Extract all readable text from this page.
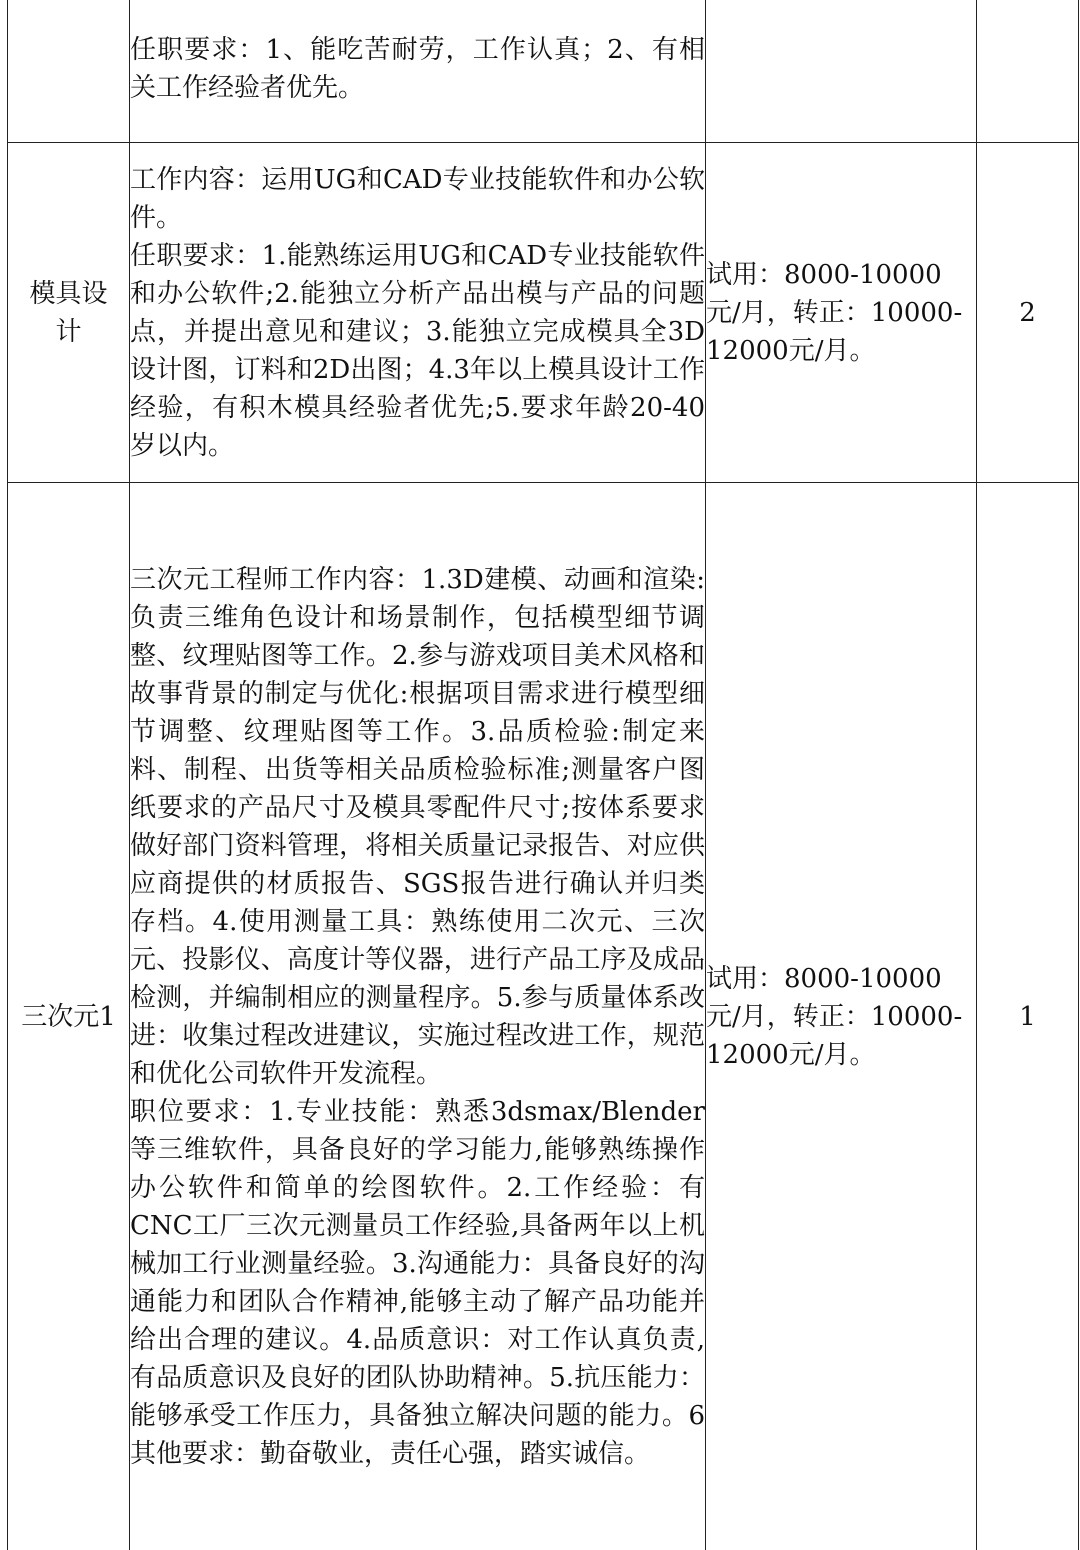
	任职要求：1、能吃苦耐劳，工作认真；2、有相关工作经验者优先。		

模具设计	工作内容：运用UG和CAD专业技能软件和办公软件。

任职要求：1.能熟练运用UG和CAD专业技能软件和办公软件;2.能独立分析产品出模与产品的问题点，并提出意见和建议；3.能独立完成模具全3D设计图，订料和2D出图；4.3年以上模具设计工作经验，有积木模具经验者优先;5.要求年龄20-40岁以内。	试用：8000-10000元/月，转正：10000-12000元/月。	2

三次元1	三次元工程师工作内容：1.3D建模、动画和渲染:负责三维角色设计和场景制作，包括模型细节调整、纹理贴图等工作。2.参与游戏项目美术风格和故事背景的制定与优化:根据项目需求进行模型细节调整、纹理贴图等工作。3.品质检验:制定来料、制程、出货等相关品质检验标准;测量客户图纸要求的产品尺寸及模具零配件尺寸;按体系要求做好部门资料管理，将相关质量记录报告、对应供应商提供的材质报告、SGS报告进行确认并归类存档。4.使用测量工具：熟练使用二次元、三次元、投影仪、高度计等仪器，进行产品工序及成品检测，并编制相应的测量程序。5.参与质量体系改进：收集过程改进建议，实施过程改进工作，规范和优化公司软件开发流程。

职位要求：1.专业技能：熟悉3dsmax/Blender等三维软件，具备良好的学习能力,能够熟练操作办公软件和简单的绘图软件。2.工作经验：有CNC工厂三次元测量员工作经验,具备两年以上机械加工行业测量经验。3.沟通能力：具备良好的沟通能力和团队合作精神,能够主动了解产品功能并给出合理的建议。4.品质意识：对工作认真负责,有品质意识及良好的团队协助精神。5.抗压能力：能够承受工作压力，具备独立解决问题的能力。6其他要求：勤奋敬业，责任心强，踏实诚信。	试用：8000-10000元/月，转正：10000-12000元/月。	1
